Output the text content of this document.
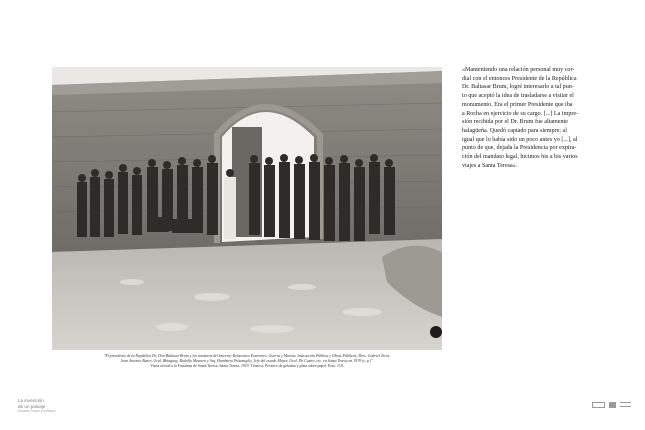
«Manteniendo una relación personal muy cor-
dial con el entonces Presidente de la República
Dr. Baltasar Brum, logré interesarlo a tal pun-
to que aceptó la idea de trasladarse a visitar el
monumento. Era el primer Presidente que iba
a Rocha en ejercicio de su cargo. [...] La impre-
sión recibida por el Dr. Brum fue altamente
halagüeña. Quedó captado para siempre; al
igual que lo había sido un poco antes yo [...], al
punto de que, dejada la Presidencia por expira-
ción del mandato legal, hicimos bis a bis varios
viajes a Santa Teresa».

"El presidente de la República Dr. Don Baltasar Brum y los ministros del Interior, Relaciones Exteriores, Guerra y Marina, Instrucción Pública y Obras Públicas; Dres. Gabriel Terra,
Juan Antonio Buero, Gral. Bbiaguay, Rodolfo Mezzera y Arq. Humberto Pittamiglio, Jefe del estado Mayor, Gral. De Castro, etc. en Santa Teresa en 1919 (s. p.)".
Visita oficial a la Fortaleza de Santa Teresa. Santa Teresa, 1919. Técnica: Positivo de gelatina y plata sobre papel. Foto: 118.
La invención
de un paisaje
Eduardo Simón y Emiliano
